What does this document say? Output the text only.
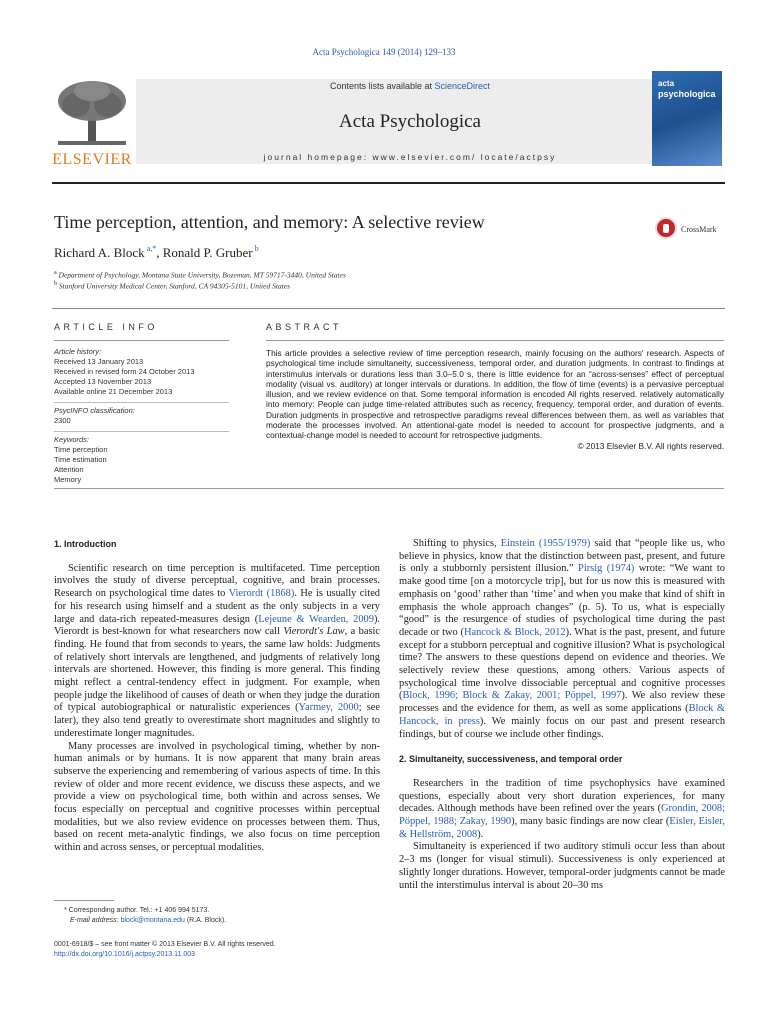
Acta Psychologica 149 (2014) 129–133
ELSEVIER
Contents lists available at ScienceDirect
Acta Psychologica
journal homepage: www.elsevier.com/ locate/actpsy
acta
psychologica
Time perception, attention, and memory: A selective review	CrossMark
Richard A. Block $^{a,*}$, Ronald P. Gruber $^b$
$^a$ Department of Psychology, Montana State University, Bozeman, MT 59717-3440, United States
$^b$ Stanford University Medical Center, Stanford, CA 94305-5101, United States
ARTICLE INFO
Article history:
Received 13 January 2013
Received in revised form 24 October 2013
Accepted 13 November 2013
Available online 21 December 2013
PsycINFO classification:
2300
Keywords:
Time perception
Time estimation
Attention
Memory
ABSTRACT
This article provides a selective review of time perception research, mainly focusing on the authors' research. Aspects of psychological time include simultaneity, successiveness, temporal order, and duration judgments. In contrast to findings at interstimulus intervals or durations less than 3.0–5.0 s, there is little evidence for an “across-senses” effect of perceptual modality (visual vs. auditory) at longer intervals or durations. In addition, the flow of time (events) is a pervasive perceptual illusion, and we review evidence on that. Some temporal information is encoded All rights reserved. relatively automatically into memory: People can judge time-related attributes such as recency, frequency, temporal order, and duration of events. Duration judgments in prospective and retrospective paradigms reveal differences between them, as well as variables that moderate the processes involved. An attentional-gate model is needed to account for prospective judgments, and a contextual-change model is needed to account for retrospective judgments.
© 2013 Elsevier B.V. All rights reserved.
1. Introduction

Scientific research on time perception is multifaceted. Time perception involves the study of diverse perceptual, cognitive, and brain processes. Research on psychological time dates to Vierordt (1868). He is usually cited for his research using himself and a student as the only subjects in a very large and data-rich repeated-measures design (Lejeune & Wearden, 2009). Vierordt is best-known for what researchers now call Vierordt's Law, a basic finding. He found that from seconds to years, the same law holds: Judgments of relatively short intervals are lengthened, and judgments of relatively long intervals are shortened. However, this finding is more general. This finding might reflect a central-tendency effect in judgment. For example, when people judge the likelihood of causes of death or when they judge the duration of typical autobiographical or naturalistic experiences (Yarmey, 2000; see later), they also tend greatly to overestimate short magnitudes and slightly to underestimate longer magnitudes.

Many processes are involved in psychological timing, whether by non-human animals or by humans. It is now apparent that many brain areas subserve the experiencing and remembering of various aspects of time. In this review of older and more recent evidence, we discuss these aspects, and we provide a view on psychological time, both within and across senses. We focus especially on perceptual and cognitive processes within perceptual modalities, but we also review evidence on processes between them. Thus, based on recent meta-analytic findings, we also focus on time perception within and across senses, or perceptual modalities.

Shifting to physics, Einstein (1955/1979) said that “people like us, who believe in physics, know that the distinction between past, present, and future is only a stubbornly persistent illusion.” Pirsig (1974) wrote: “We want to make good time [on a motorcycle trip], but for us now this is measured with emphasis on ‘good’ rather than ‘time’ and when you make that kind of shift in emphasis the whole approach changes” (p. 5). To us, what is especially “good” is the resurgence of studies of psychological time during the past decade or two (Hancock & Block, 2012). What is the past, present, and future except for a stubborn perceptual and cognitive illusion? What is psychological time? The answers to these questions depend on evidence and theories. We selectively review these questions, among others. Various aspects of psychological time involve dissociable perceptual and cognitive processes (Block, 1996; Block & Zakay, 2001; Pöppel, 1997). We also review these processes and the evidence for them, as well as some applications (Block & Hancock, in press). We mainly focus on our past and present research findings, but of course we include other findings.

2. Simultaneity, successiveness, and temporal order

Researchers in the tradition of time psychophysics have examined questions, especially about very short duration experiences, for many decades. Although methods have been refined over the years (Grondin, 2008; Pöppel, 1988; Zakay, 1990), many basic findings are now clear (Eisler, Eisler, & Hellström, 2008).

Simultaneity is experienced if two auditory stimuli occur less than about 2–3 ms (longer for visual stimuli). Successiveness is only experienced at slightly longer durations. However, temporal-order judgments cannot be made until the interstimulus interval is about 20–30 ms

* Corresponding author. Tel.: +1 406 994 5173.
E-mail address: block@montana.edu (R.A. Block).
0001-6918/$ – see front matter © 2013 Elsevier B.V. All rights reserved.
http://dx.doi.org/10.1016/j.actpsy.2013.11.003
